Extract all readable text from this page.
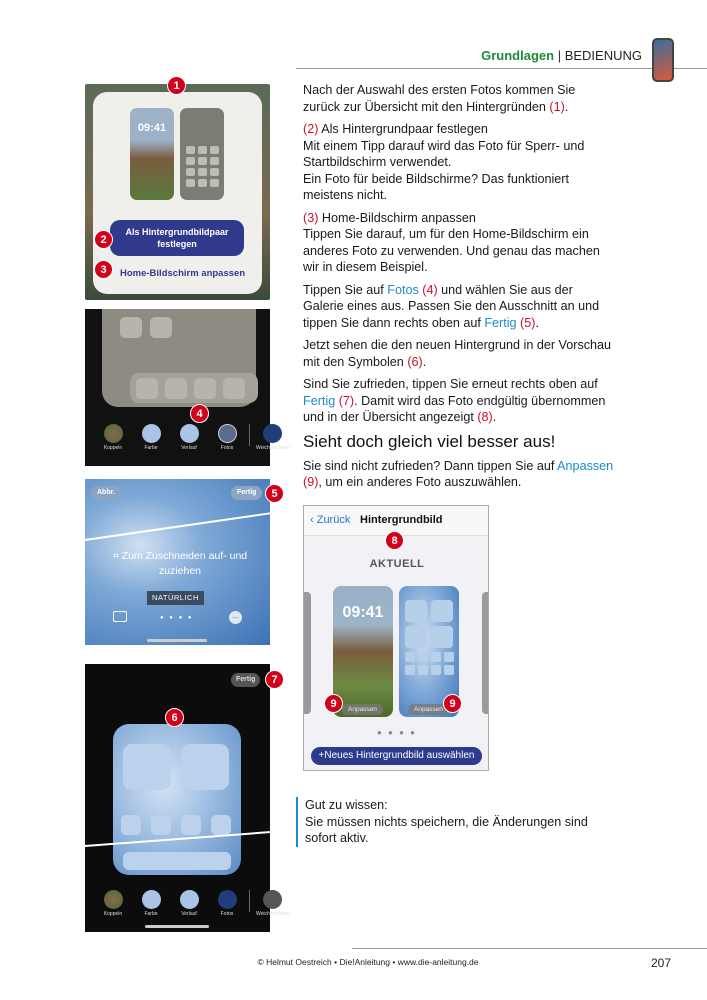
Grundlagen | BEDIENUNG

Nach der Auswahl des ersten Fotos kommen Sie zurück zur Übersicht mit den Hintergründen (1).

(2) Als Hintergrundpaar festlegen
Mit einem Tipp darauf wird das Foto für Sperr- und Startbildschirm verwendet.
Ein Foto für beide Bildschirme? Das funktioniert meistens nicht.

(3) Home-Bildschirm anpassen
Tippen Sie darauf, um für den Home-Bildschirm ein anderes Foto zu verwenden. Und genau das machen wir in diesem Beispiel.

Tippen Sie auf Fotos (4) und wählen Sie aus der Galerie eines aus. Passen Sie den Ausschnitt an und tippen Sie dann rechts oben auf Fertig (5).

Jetzt sehen die den neuen Hintergrund in der Vorschau mit den Symbolen (6).

Sind Sie zufrieden, tippen Sie erneut rechts oben auf Fertig (7). Damit wird das Foto endgültig übernommen und in der Übersicht angezeigt (8).

Sieht doch gleich viel besser aus!

Sie sind nicht zufrieden? Dann tippen Sie auf Anpassen (9), um ein anderes Foto auszuwählen.

09:41
Als Hintergrundbildpaar festlegen
Home-Bildschirm anpassen
1
2
3
Koppeln	Farbe	Verlauf	Fotos	Weichzeichnen
4
Abbr.	Fertig
⌗ Zum Zuschneiden auf- und zuziehen
NATÜRLICH
● ● ● ●	…
5
Fertig
Koppeln	Farbe	Verlauf	Fotos	Weichzeichnen
7
6
‹ Zurück Hintergrundbild
AKTUELL
09:41
Anpassen	Anpassen
● ● ● ●
+Neues Hintergrundbild auswählen
8
9	9
Gut zu wissen:
Sie müssen nichts speichern, die Änderungen sind sofort aktiv.
© Helmut Oestreich • Die!Anleitung • www.die-anleitung.de	207
